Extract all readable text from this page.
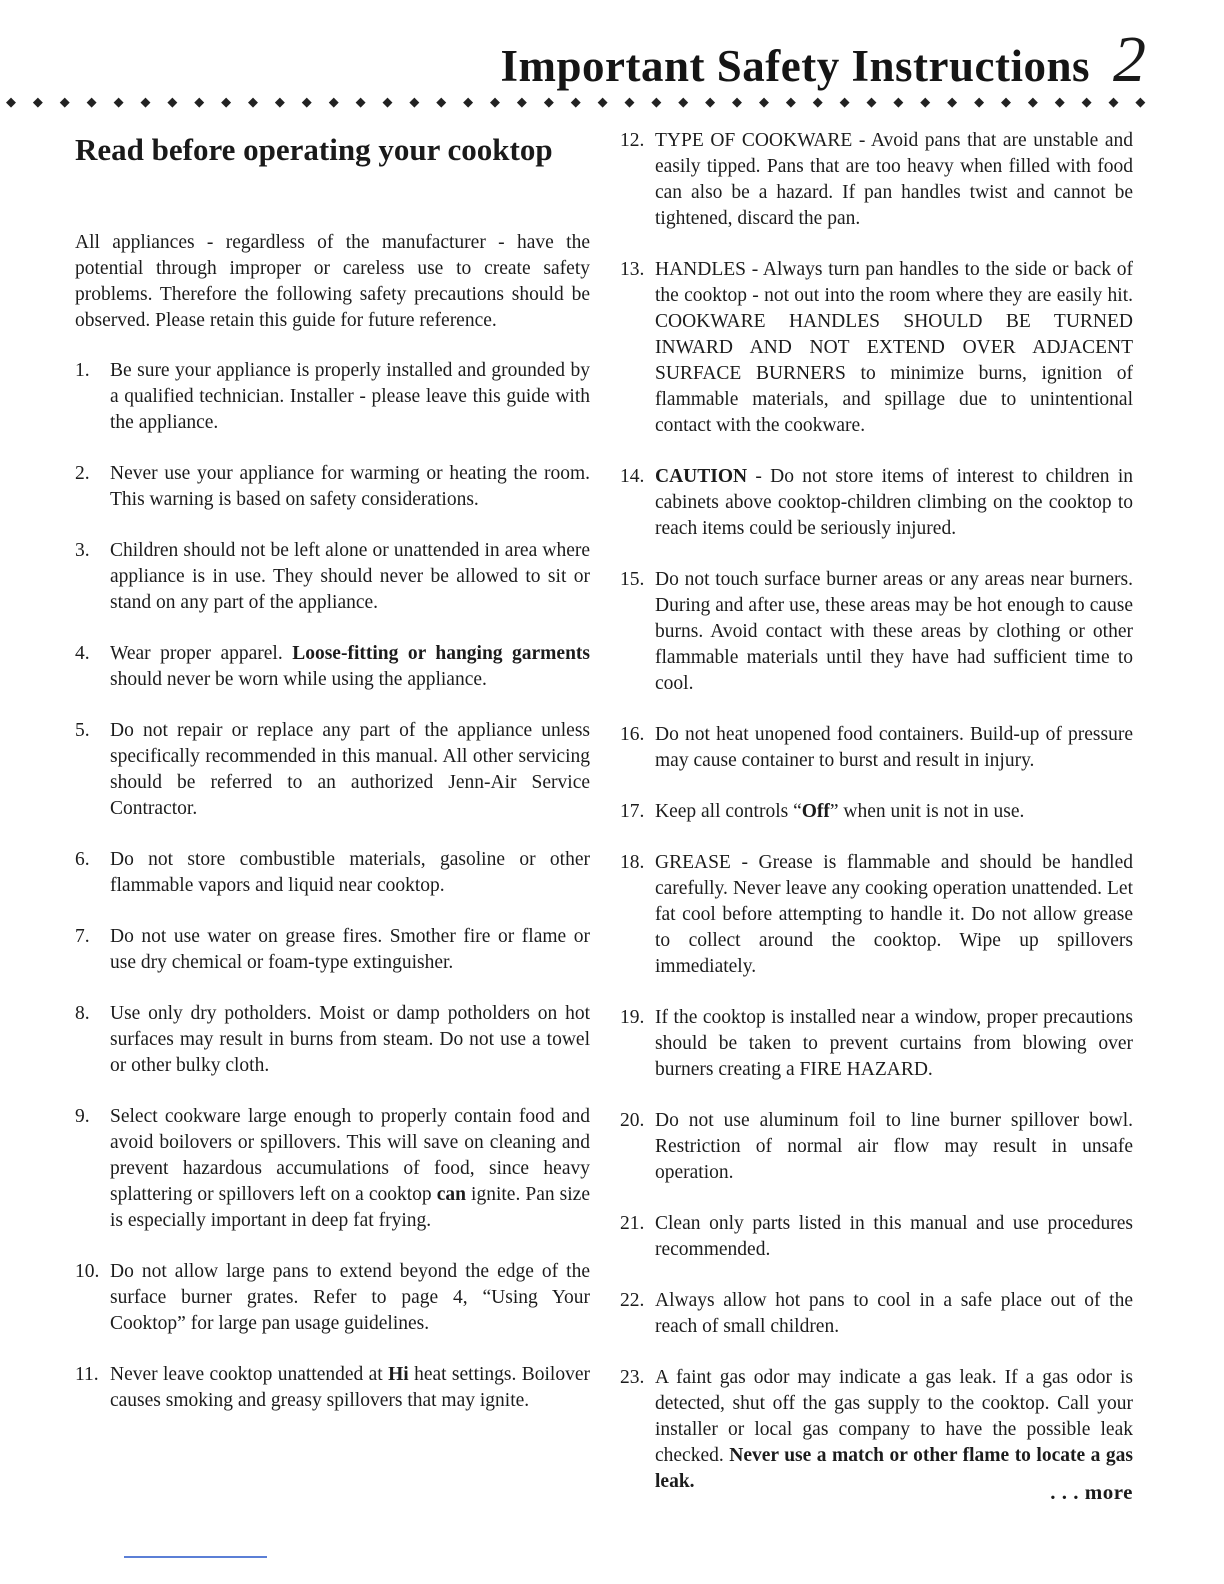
Important Safety Instructions 2
◆ ◆ ◆ ◆ ◆ ◆ ◆ ◆ ◆ ◆ ◆ ◆ ◆ ◆ ◆ ◆ ◆ ◆ ◆ ◆ ◆ ◆ ◆ ◆ ◆ ◆ ◆ ◆ ◆ ◆ ◆ ◆ ◆ ◆ ◆ ◆ ◆ ◆ ◆ ◆ ◆ ◆ ◆
Read before operating your cooktop

All appliances - regardless of the manufacturer - have the potential through improper or careless use to create safety problems. Therefore the following safety precautions should be observed. Please retain this guide for future reference.

1.	Be sure your appliance is properly installed and grounded by a qualified technician. Installer - please leave this guide with the appliance.
2.	Never use your appliance for warming or heating the room. This warning is based on safety considerations.
3.	Children should not be left alone or unattended in area where appliance is in use. They should never be allowed to sit or stand on any part of the appliance.
4.	Wear proper apparel. Loose-fitting or hanging garments should never be worn while using the appliance.
5.	Do not repair or replace any part of the appliance unless specifically recommended in this manual. All other servicing should be referred to an authorized Jenn-Air Service Contractor.
6.	Do not store combustible materials, gasoline or other flammable vapors and liquid near cooktop.
7.	Do not use water on grease fires. Smother fire or flame or use dry chemical or foam-type extinguisher.
8.	Use only dry potholders. Moist or damp potholders on hot surfaces may result in burns from steam. Do not use a towel or other bulky cloth.
9.	Select cookware large enough to properly contain food and avoid boilovers or spillovers. This will save on cleaning and prevent hazardous accumulations of food, since heavy splattering or spillovers left on a cooktop can ignite. Pan size is especially important in deep fat frying.
10. Do not allow large pans to extend beyond the edge of the surface burner grates. Refer to page 4, “Using Your Cooktop” for large pan usage guidelines.
11. Never leave cooktop unattended at Hi heat settings. Boilover causes smoking and greasy spillovers that may ignite.
12. TYPE OF COOKWARE - Avoid pans that are unstable and easily tipped. Pans that are too heavy when filled with food can also be a hazard. If pan handles twist and cannot be tightened, discard the pan.
13. HANDLES - Always turn pan handles to the side or back of the cooktop - not out into the room where they are easily hit. COOKWARE HANDLES SHOULD BE TURNED INWARD AND NOT EXTEND OVER ADJACENT SURFACE BURNERS to minimize burns, ignition of flammable materials, and spillage due to unintentional contact with the cookware.
14. CAUTION - Do not store items of interest to children in cabinets above cooktop-children climbing on the cooktop to reach items could be seriously injured.
15. Do not touch surface burner areas or any areas near burners. During and after use, these areas may be hot enough to cause burns. Avoid contact with these areas by clothing or other flammable materials until they have had sufficient time to cool.
16. Do not heat unopened food containers. Build-up of pressure may cause container to burst and result in injury.
17. Keep all controls “Off” when unit is not in use.
18. GREASE - Grease is flammable and should be handled carefully. Never leave any cooking operation unattended. Let fat cool before attempting to handle it. Do not allow grease to collect around the cooktop. Wipe up spillovers immediately.
19. If the cooktop is installed near a window, proper precautions should be taken to prevent curtains from blowing over burners creating a FIRE HAZARD.
20. Do not use aluminum foil to line burner spillover bowl. Restriction of normal air flow may result in unsafe operation.
21. Clean only parts listed in this manual and use procedures recommended.
22. Always allow hot pans to cool in a safe place out of the reach of small children.
23. A faint gas odor may indicate a gas leak. If a gas odor is detected, shut off the gas supply to the cooktop. Call your installer or local gas company to have the possible leak checked. Never use a match or other flame to locate a gas leak.	. . . more
